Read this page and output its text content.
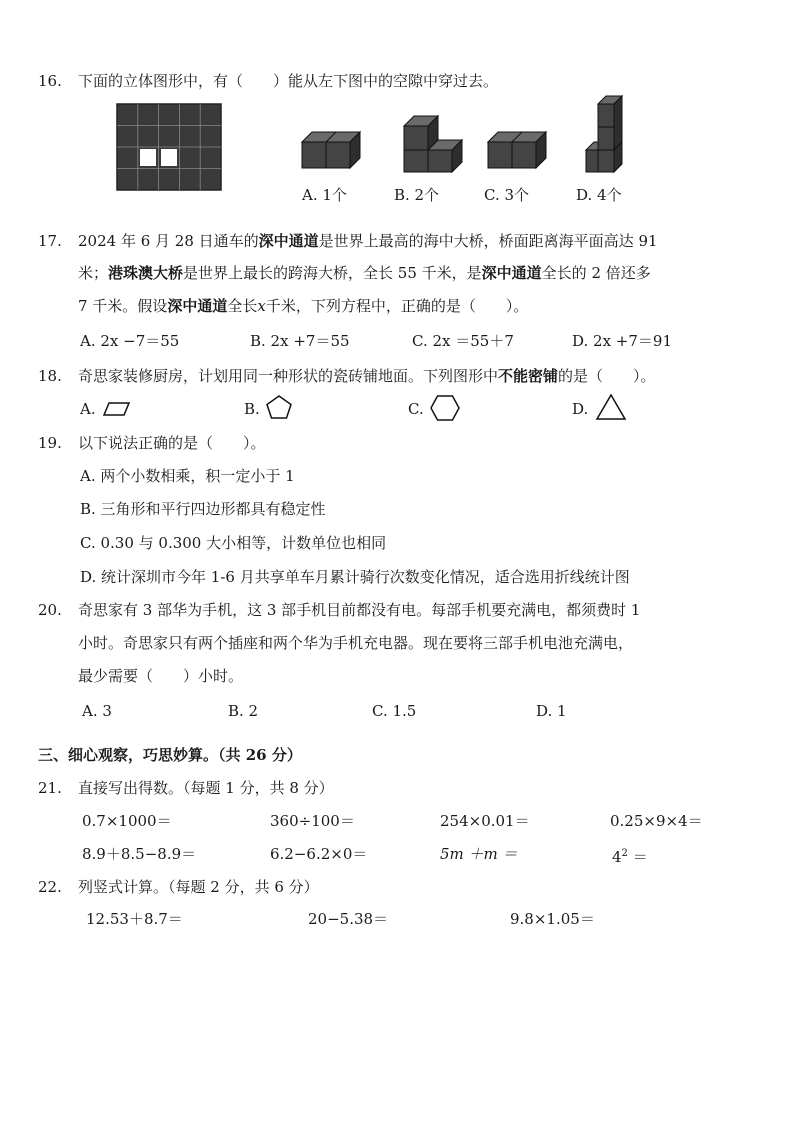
16. 下面的立体图形中，有（　　）能从左下图中的空隙中穿过去。
A. 1个	B. 2个	C. 3个	D. 4个
17. 2024 年 6 月 28 日通车的深中通道是世界上最高的海中大桥，桥面距离海平面高达 91
米；港珠澳大桥是世界上最长的跨海大桥，全长 55 千米，是深中通道全长的 2 倍还多
7 千米。假设深中通道全长x千米，下列方程中，正确的是（　　）。
A. 2x −7＝55	B. 2x +7＝55	C. 2x ＝55＋7	D. 2x +7＝91
18. 奇思家装修厨房，计划用同一种形状的瓷砖铺地面。下列图形中不能密铺的是（　　）。
A.	B.	C.	D.
19. 以下说法正确的是（　　）。
A. 两个小数相乘，积一定小于 1
B. 三角形和平行四边形都具有稳定性
C. 0.30 与 0.300 大小相等，计数单位也相同
D. 统计深圳市今年 1-6 月共享单车月累计骑行次数变化情况，适合选用折线统计图
20. 奇思家有 3 部华为手机，这 3 部手机目前都没有电。每部手机要充满电，都须费时 1
小时。奇思家只有两个插座和两个华为手机充电器。现在要将三部手机电池充满电，
最少需要（　　）小时。
A. 3	B. 2	C. 1.5	D. 1
三、细心观察，巧思妙算。（共 26 分）
21. 直接写出得数。（每题 1 分，共 8 分）
0.7×1000＝	360÷100＝	254×0.01＝	0.25×9×4＝
8.9＋8.5−8.9＝	6.2−6.2×0＝	5m ＋m ＝	$4^2$ ＝
22. 列竖式计算。（每题 2 分，共 6 分）
12.53＋8.7＝	20−5.38＝	9.8×1.05＝
